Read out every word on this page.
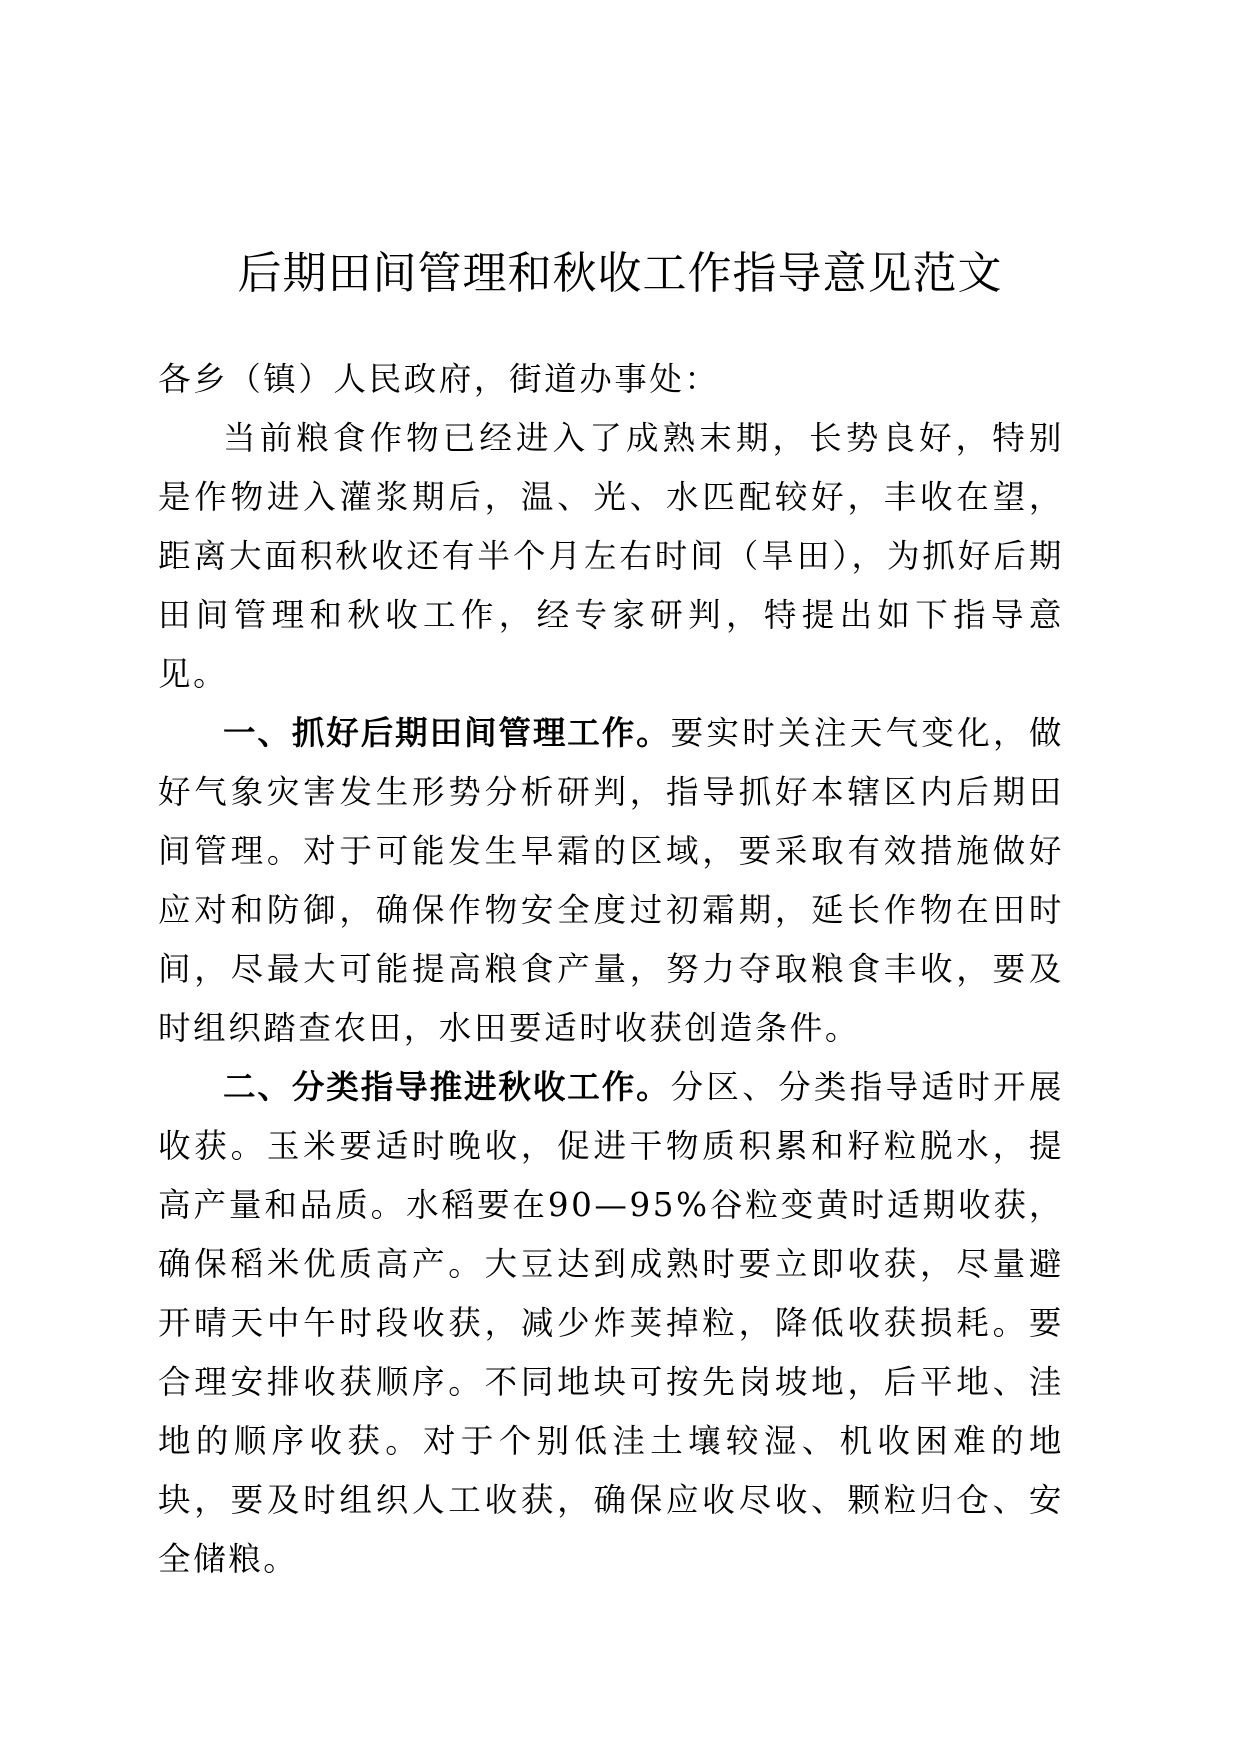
后期田间管理和秋收工作指导意见范文

各乡（镇）人民政府，街道办事处：

当前粮食作物已经进入了成熟末期，长势良好，特别是作物进入灌浆期后，温、光、水匹配较好，丰收在望，距离大面积秋收还有半个月左右时间（旱田），为抓好后期田间管理和秋收工作，经专家研判，特提出如下指导意见。

一、抓好后期田间管理工作。要实时关注天气变化，做好气象灾害发生形势分析研判，指导抓好本辖区内后期田间管理。对于可能发生早霜的区域，要采取有效措施做好应对和防御，确保作物安全度过初霜期，延长作物在田时间，尽最大可能提高粮食产量，努力夺取粮食丰收，要及时组织踏查农田，水田要适时收获创造条件。

二、分类指导推进秋收工作。分区、分类指导适时开展收获。玉米要适时晚收，促进干物质积累和籽粒脱水，提高产量和品质。水稻要在90—95%谷粒变黄时适期收获，确保稻米优质高产。大豆达到成熟时要立即收获，尽量避开晴天中午时段收获，减少炸荚掉粒，降低收获损耗。要合理安排收获顺序。不同地块可按先岗坡地，后平地、洼地的顺序收获。对于个别低洼土壤较湿、机收困难的地块，要及时组织人工收获，确保应收尽收、颗粒归仓、安全储粮。
